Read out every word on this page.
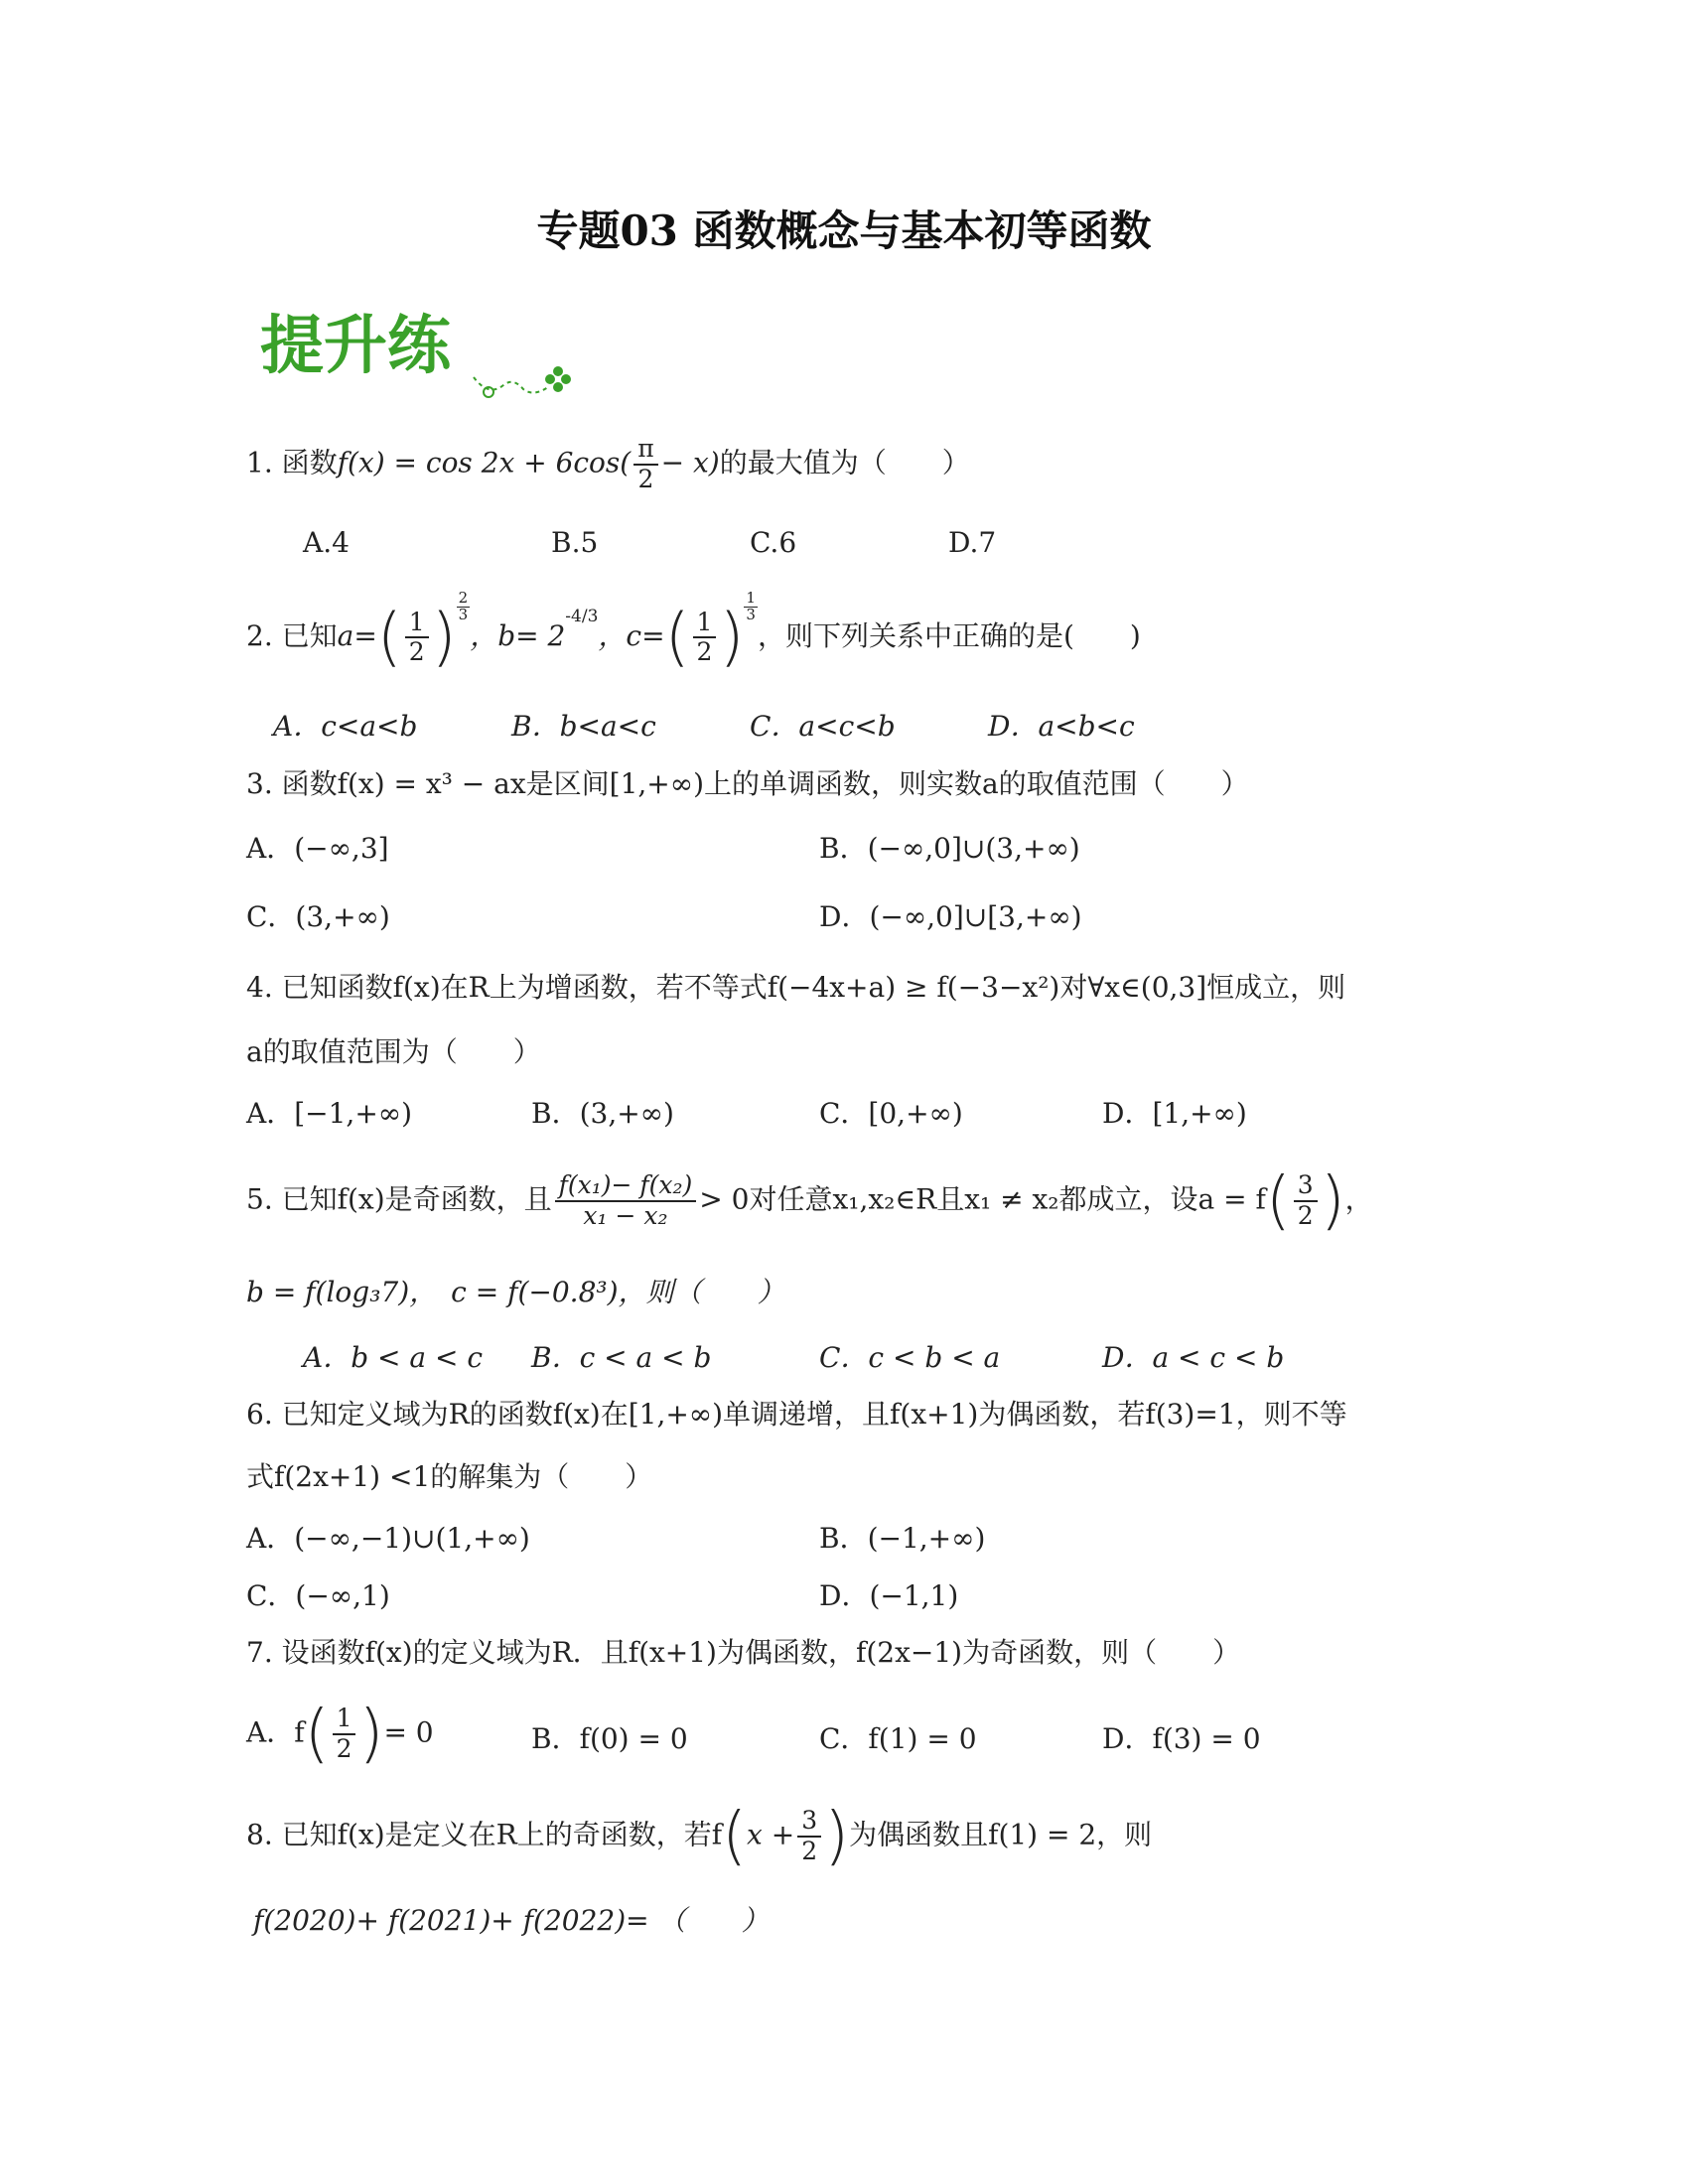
专题03 函数概念与基本初等函数
提升练
1. 函数$f(x) = \cos 2x + 6\cos( \frac{\pi}{2} - x)$的最大值为（　　）
A.4	B.5	C.6	D.7
2. 已知$a=( \frac{1}{2}$ ) $\frac{2}{3}$
，$b= 2^{-4/3}$，$c=( \frac{1}{2}$ ) $\frac{1}{3}$
，则下列关系中正确的是(　　)
A．c<a<b	B．b<a<c	C．a<c<b	D．a<b<c
3. 函数f(x) = x³ − ax是区间[1,+∞)上的单调函数，则实数a的取值范围（　　）
A．(−∞,3]	B．(−∞,0]∪(3,+∞)
C．(3,+∞)	D．(−∞,0]∪[3,+∞)
4. 已知函数f(x)在R上为增函数，若不等式f(−4x+a) ≥ f(−3−x²)对∀x∈(0,3]恒成立，则
a的取值范围为（　　）
A．[−1,+∞)	B．(3,+∞)	C．[0,+∞)	D．[1,+∞)
5. 已知f(x)是奇函数，且 $\frac{\text{f(x₁)− f(x₂)}}{\text{x₁ − x₂}} > 0$对任意x₁,x₂∈R且x₁ ≠ x₂都成立，设$a = f( \frac{3}{2}$ )，
b = f(log₃7)，　c = f(−0.8³)，则（　　）
A．b < a < c B．c < a < b	C．c < b < a	D．a < c < b
6. 已知定义域为R的函数f(x)在[1,+∞)单调递增，且f(x+1)为偶函数，若f(3)=1，则不等
式f(2x+1) <1的解集为（　　）
A．(−∞,−1)∪(1,+∞)	B．(−1,+∞)
C．(−∞,1)	D．(−1,1)
7. 设函数f(x)的定义域为R．且f(x+1)为偶函数，f(2x−1)为奇函数，则（　　）
A．$f( \frac{1}{2}$ )= 0	B．f(0) = 0	C．f(1) = 0	D．f(3) = 0
8. 已知f(x)是定义在R上的奇函数，若$f(x + \frac{3}{2}$ )为偶函数且f(1) = 2，则
f(2020)+ f(2021)+ f(2022)= （　　）
